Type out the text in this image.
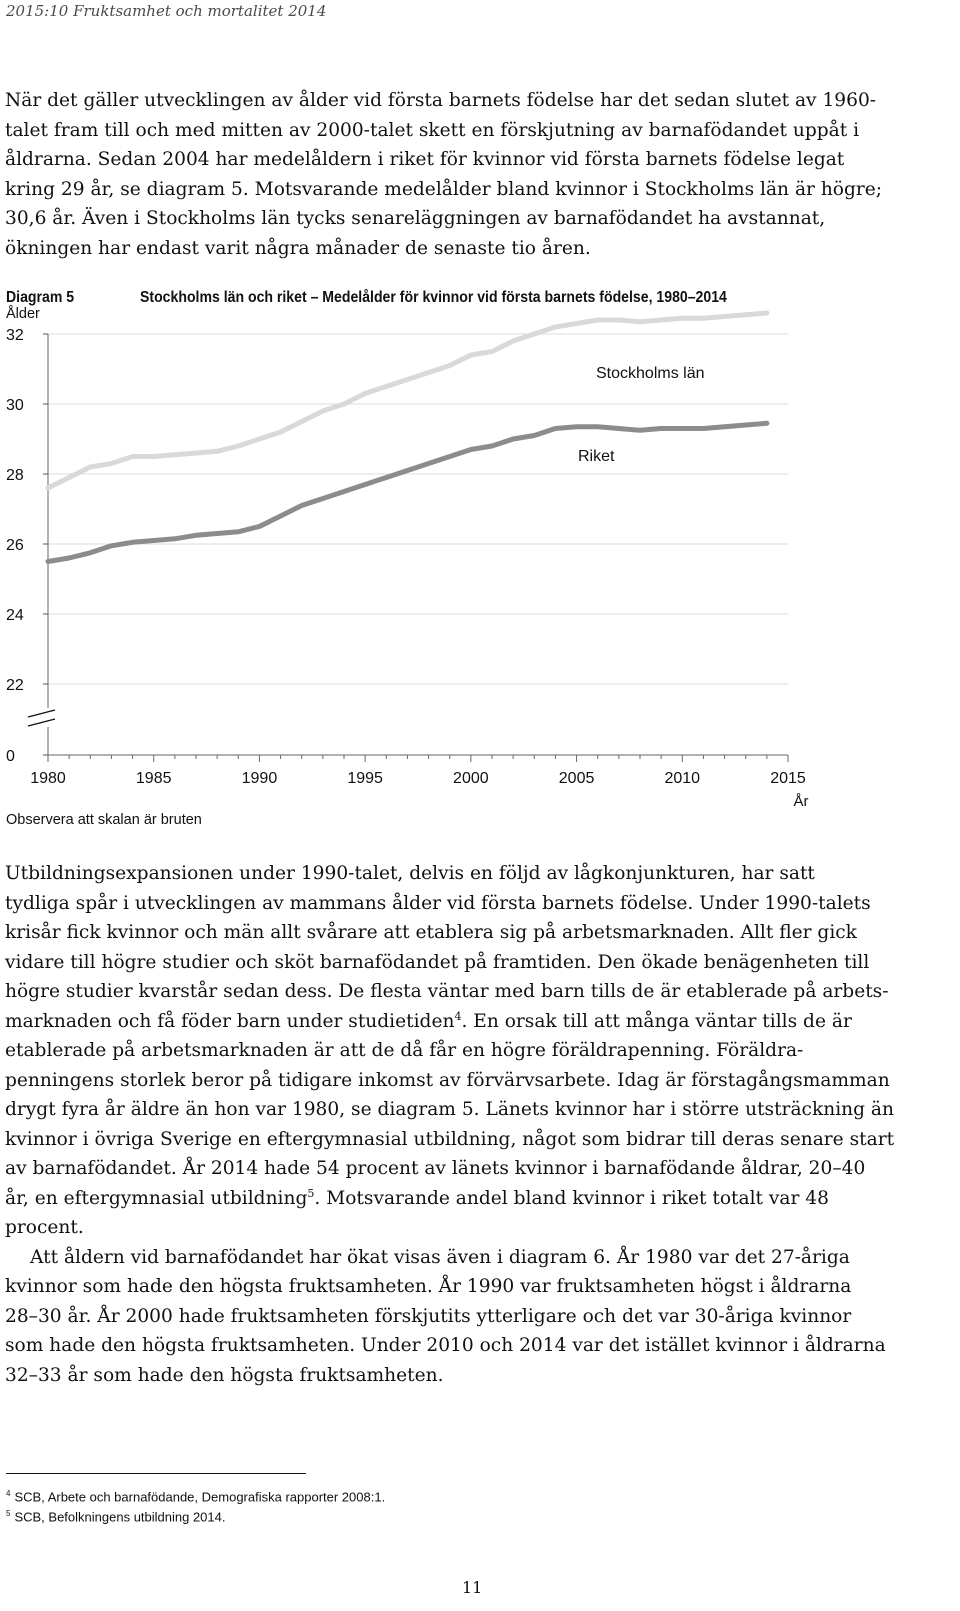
2015:10 Fruktsamhet och mortalitet 2014
När det gäller utvecklingen av ålder vid första barnets födelse har det sedan slutet av 1960-
talet fram till och med mitten av 2000-talet skett en förskjutning av barnafödandet uppåt i
åldrarna. Sedan 2004 har medelåldern i riket för kvinnor vid första barnets födelse legat
kring 29 år, se diagram 5. Motsvarande medelålder bland kvinnor i Stockholms län är högre;
30,6 år. Även i Stockholms län tycks senareläggningen av barnafödandet ha avstannat,
ökningen har endast varit några månader de senaste tio åren.
Diagram 5	Stockholms län och riket – Medelålder för kvinnor vid första barnets födelse, 1980–2014
Ålder
32
30
28
26
24
22
0
1980	1985	1990	1995	2000	2005	2010	2015
År
Stockholms län
Riket
Observera att skalan är bruten
Utbildningsexpansionen under 1990-talet, delvis en följd av lågkonjunkturen, har satt
tydliga spår i utvecklingen av mammans ålder vid första barnets födelse. Under 1990-talets
krisår fick kvinnor och män allt svårare att etablera sig på arbetsmarknaden. Allt fler gick
vidare till högre studier och sköt barnafödandet på framtiden. Den ökade benägenheten till
högre studier kvarstår sedan dess. De flesta väntar med barn tills de är etablerade på arbets-
marknaden och få föder barn under studietiden$^4$. En orsak till att många väntar tills de är
etablerade på arbetsmarknaden är att de då får en högre föräldrapenning. Föräldra-
penningens storlek beror på tidigare inkomst av förvärvsarbete. Idag är förstagångsmamman
drygt fyra år äldre än hon var 1980, se diagram 5. Länets kvinnor har i större utsträckning än
kvinnor i övriga Sverige en eftergymnasial utbildning, något som bidrar till deras senare start
av barnafödandet. År 2014 hade 54 procent av länets kvinnor i barnafödande åldrar, 20–40
år, en eftergymnasial utbildning$^5$. Motsvarande andel bland kvinnor i riket totalt var 48
procent.
Att åldern vid barnafödandet har ökat visas även i diagram 6. År 1980 var det 27-åriga
kvinnor som hade den högsta fruktsamheten. År 1990 var fruktsamheten högst i åldrarna
28–30 år. År 2000 hade fruktsamheten förskjutits ytterligare och det var 30-åriga kvinnor
som hade den högsta fruktsamheten. Under 2010 och 2014 var det istället kvinnor i åldrarna
32–33 år som hade den högsta fruktsamheten.
$^4$ SCB, Arbete och barnafödande, Demografiska rapporter 2008:1.
$^5$ SCB, Befolkningens utbildning 2014.
11
